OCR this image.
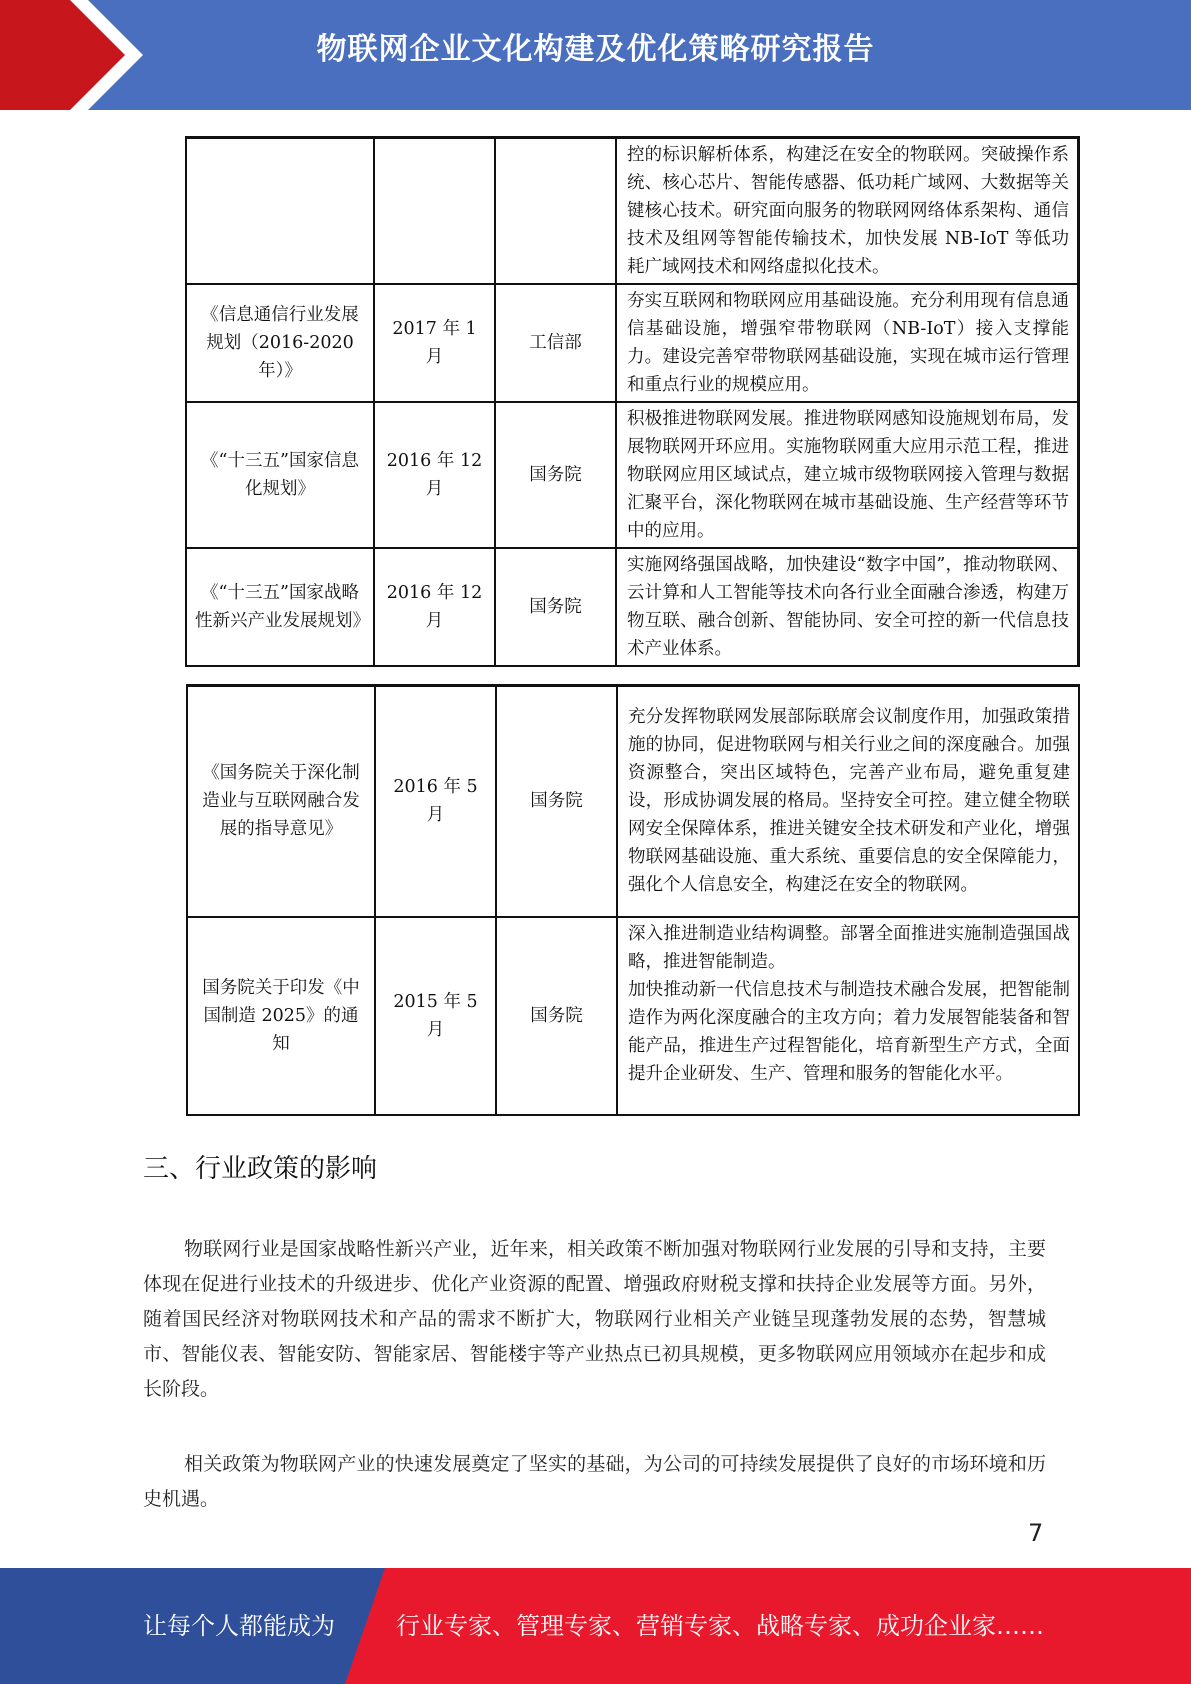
物联网企业文化构建及优化策略研究报告
			控的标识解析体系，构建泛在安全的物联网。突破操作系统、核心芯片、智能传感器、低功耗广域网、大数据等关键核心技术。研究面向服务的物联网网络体系架构、通信技术及组网等智能传输技术，加快发展 NB-IoT 等低功耗广域网技术和网络虚拟化技术。
《信息通信行业发展规划（2016-2020 年）》	2017 年 1 月	工信部	夯实互联网和物联网应用基础设施。充分利用现有信息通信基础设施，增强窄带物联网（NB-IoT）接入支撑能力。建设完善窄带物联网基础设施，实现在城市运行管理和重点行业的规模应用。
《“十三五”国家信息化规划》	2016 年 12 月	国务院	积极推进物联网发展。推进物联网感知设施规划布局，发展物联网开环应用。实施物联网重大应用示范工程，推进物联网应用区域试点，建立城市级物联网接入管理与数据汇聚平台，深化物联网在城市基础设施、生产经营等环节中的应用。
《“十三五”国家战略性新兴产业发展规划》	2016 年 12 月	国务院	实施网络强国战略，加快建设“数字中国”，推动物联网、云计算和人工智能等技术向各行业全面融合渗透，构建万物互联、融合创新、智能协同、安全可控的新一代信息技术产业体系。
《国务院关于深化制造业与互联网融合发展的指导意见》	2016 年 5 月	国务院	充分发挥物联网发展部际联席会议制度作用，加强政策措施的协同，促进物联网与相关行业之间的深度融合。加强资源整合，突出区域特色，完善产业布局，避免重复建设，形成协调发展的格局。坚持安全可控。建立健全物联网安全保障体系，推进关键安全技术研发和产业化，增强物联网基础设施、重大系统、重要信息的安全保障能力，强化个人信息安全，构建泛在安全的物联网。
国务院关于印发《中国制造 2025》的通知	2015 年 5 月	国务院	深入推进制造业结构调整。部署全面推进实施制造强国战略，推进智能制造。
加快推动新一代信息技术与制造技术融合发展，把智能制造作为两化深度融合的主攻方向；着力发展智能装备和智能产品，推进生产过程智能化，培育新型生产方式，全面提升企业研发、生产、管理和服务的智能化水平。
三、行业政策的影响

物联网行业是国家战略性新兴产业，近年来，相关政策不断加强对物联网行业发展的引导和支持，主要体现在促进行业技术的升级进步、优化产业资源的配置、增强政府财税支撑和扶持企业发展等方面。另外，随着国民经济对物联网技术和产品的需求不断扩大，物联网行业相关产业链呈现蓬勃发展的态势，智慧城市、智能仪表、智能安防、智能家居、智能楼宇等产业热点已初具规模，更多物联网应用领域亦在起步和成长阶段。

相关政策为物联网产业的快速发展奠定了坚实的基础，为公司的可持续发展提供了良好的市场环境和历史机遇。

7
让每个人都能成为	行业专家、管理专家、营销专家、战略专家、成功企业家……
